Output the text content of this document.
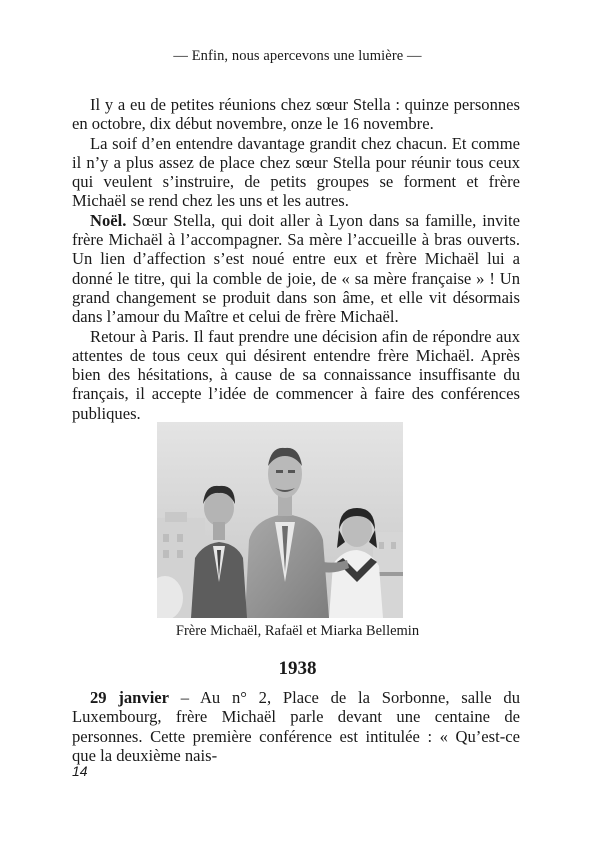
— Enfin, nous apercevons une lumière —

Il y a eu de petites réunions chez sœur Stella : quinze personnes en octobre, dix début novembre, onze le 16 novembre.

La soif d’en entendre davantage grandit chez chacun. Et comme il n’y a plus assez de place chez sœur Stella pour réunir tous ceux qui veulent s’instruire, de petits groupes se forment et frère Michaël se rend chez les uns et les autres.

Noël. Sœur Stella, qui doit aller à Lyon dans sa famille, invite frère Michaël à l’accompagner. Sa mère l’accueille à bras ouverts. Un lien d’affection s’est noué entre eux et frère Michaël lui a donné le titre, qui la comble de joie, de « sa mère française » ! Un grand changement se produit dans son âme, et elle vit désormais dans l’amour du Maître et celui de frère Michaël.

Retour à Paris. Il faut prendre une décision afin de répondre aux attentes de tous ceux qui désirent entendre frère Michaël. Après bien des hésitations, à cause de sa connaissance insuffisante du français, il accepte l’idée de commencer à faire des conférences publiques.

Frère Michaël, Rafaël et Miarka Bellemin
1938

29 janvier – Au n° 2, Place de la Sorbonne, salle du Luxembourg, frère Michaël parle devant une centaine de personnes. Cette première conférence est intitulée : « Qu’est-ce que la deuxième nais-

14
